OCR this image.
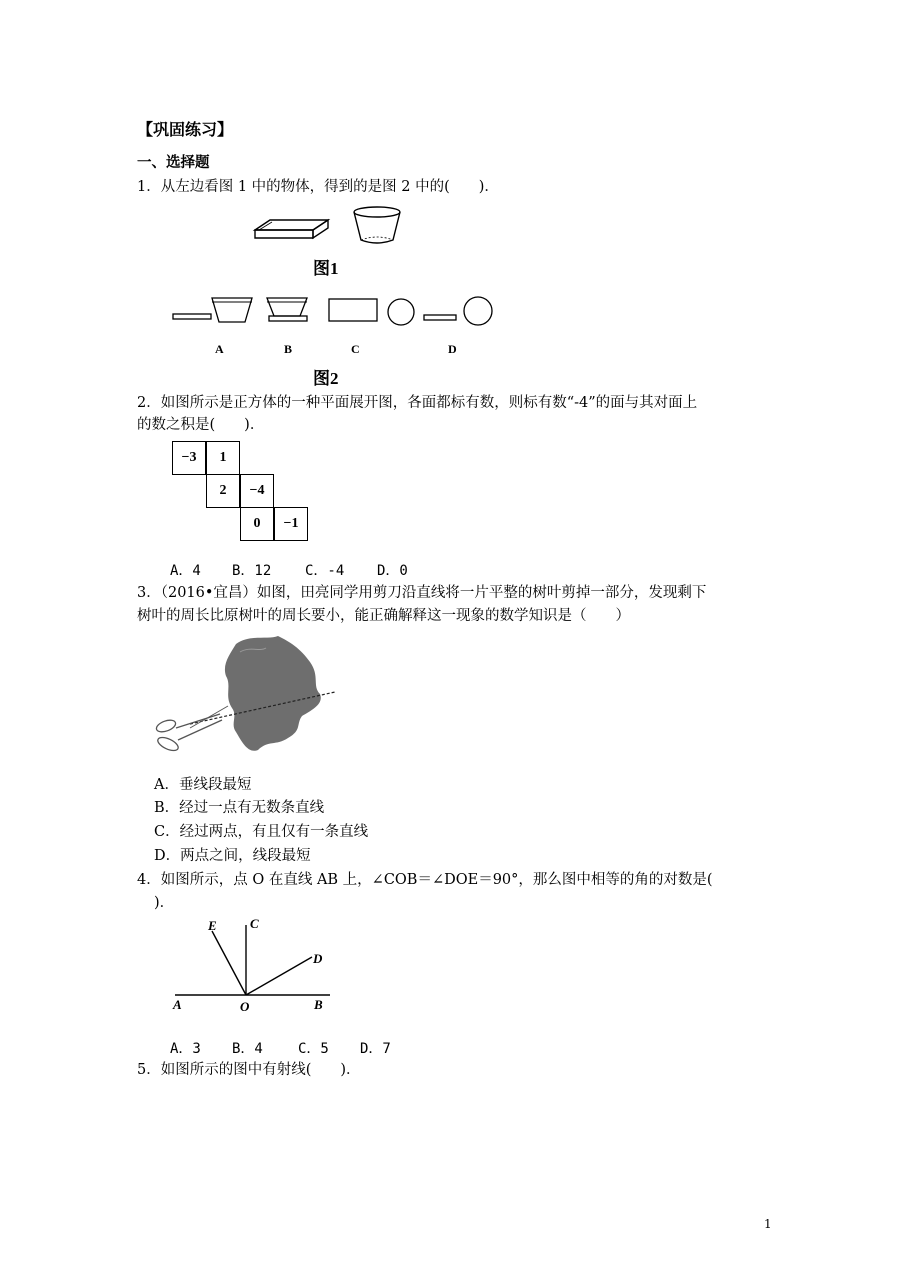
【巩固练习】
一、选择题
1．从左边看图 1 中的物体，得到的是图 2 中的(　　)．
图1
A	B	C	D
图2
2．如图所示是正方体的一种平面展开图，各面都标有数，则标有数“-4”的面与其对面上
的数之积是(　　)．
−3	1
2	−4
0	−1
A．4 B．12 C．-4 D．0
3．（2016•宜昌）如图，田亮同学用剪刀沿直线将一片平整的树叶剪掉一部分，发现剩下
树叶的周长比原树叶的周长要小，能正确解释这一现象的数学知识是（　　）
A．垂线段最短
B．经过一点有无数条直线
C．经过两点，有且仅有一条直线
D．两点之间，线段最短
4．如图所示，点 O 在直线 AB 上，∠COB＝∠DOE＝90°，那么图中相等的角的对数是(
)．
E	C
D
A	O	B
A．3 B．4	C．5 D．7
5．如图所示的图中有射线(　　)．
1
